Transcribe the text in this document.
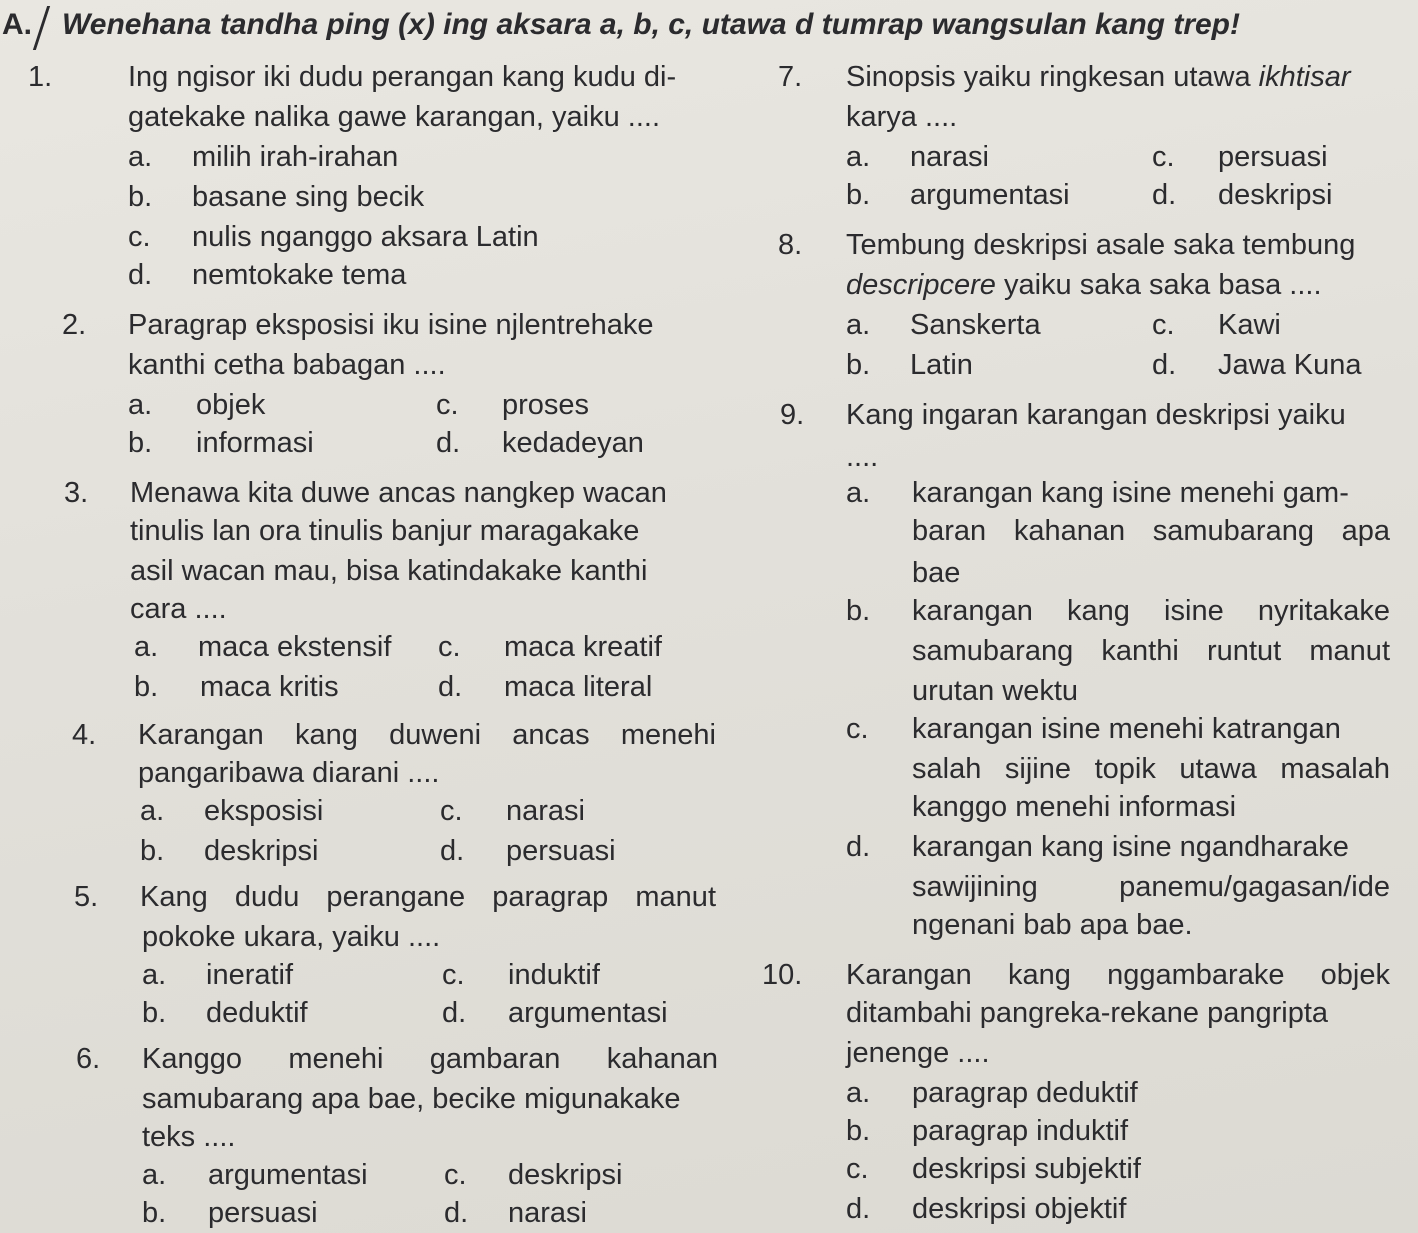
A. Wenehana tandha ping (x) ing aksara a, b, c, utawa d tumrap wangsulan kang trep!
1.	Ing ngisor iki dudu perangan kang kudu di-
gatekake nalika gawe karangan, yaiku ....
a. milih irah-irahan
b. basane sing becik
c. nulis nganggo aksara Latin
d. nemtokake tema
2. Paragrap eksposisi iku isine njlentrehake
kanthi cetha babagan ....
a. objek
b. informasi
c. proses
d. kedadeyan
3. Menawa kita duwe ancas nangkep wacan
tinulis lan ora tinulis banjur maragakake
asil wacan mau, bisa katindakake kanthi
cara ....
a. maca ekstensif
b. maca kritis
c. maca kreatif
d. maca literal
4. Karangan kang duweni ancas menehi
pangaribawa diarani ....
a. eksposisi
b. deskripsi
c. narasi
d. persuasi
5. Kang dudu perangane paragrap manut
pokoke ukara, yaiku ....
a. ineratif
b. deduktif
c. induktif
d. argumentasi
6. Kanggo menehi gambaran kahanan
samubarang apa bae, becike migunakake
teks ....
a. argumentasi
b. persuasi
c. deskripsi
d. narasi
7. Sinopsis yaiku ringkesan utawa ikhtisar
karya ....
a. narasi
b. argumentasi
c. persuasi
d. deskripsi
8. Tembung deskripsi asale saka tembung
descripcere yaiku saka saka basa ....
a. Sanskerta
b. Latin
c. Kawi
d. Jawa Kuna
9. Kang ingaran karangan deskripsi yaiku
....
a. karangan kang isine menehi gam-
baran kahanan samubarang apa
bae
b. karangan kang isine nyritakake
samubarang kanthi runtut manut
urutan wektu
c. karangan isine menehi katrangan
salah sijine topik utawa masalah
kanggo menehi informasi
d. karangan kang isine ngandharake
sawijining panemu/gagasan/ide
ngenani bab apa bae.
10. Karangan kang nggambarake objek
ditambahi pangreka-rekane pangripta
jenenge ....
a. paragrap deduktif
b. paragrap induktif
c. deskripsi subjektif
d. deskripsi objektif
